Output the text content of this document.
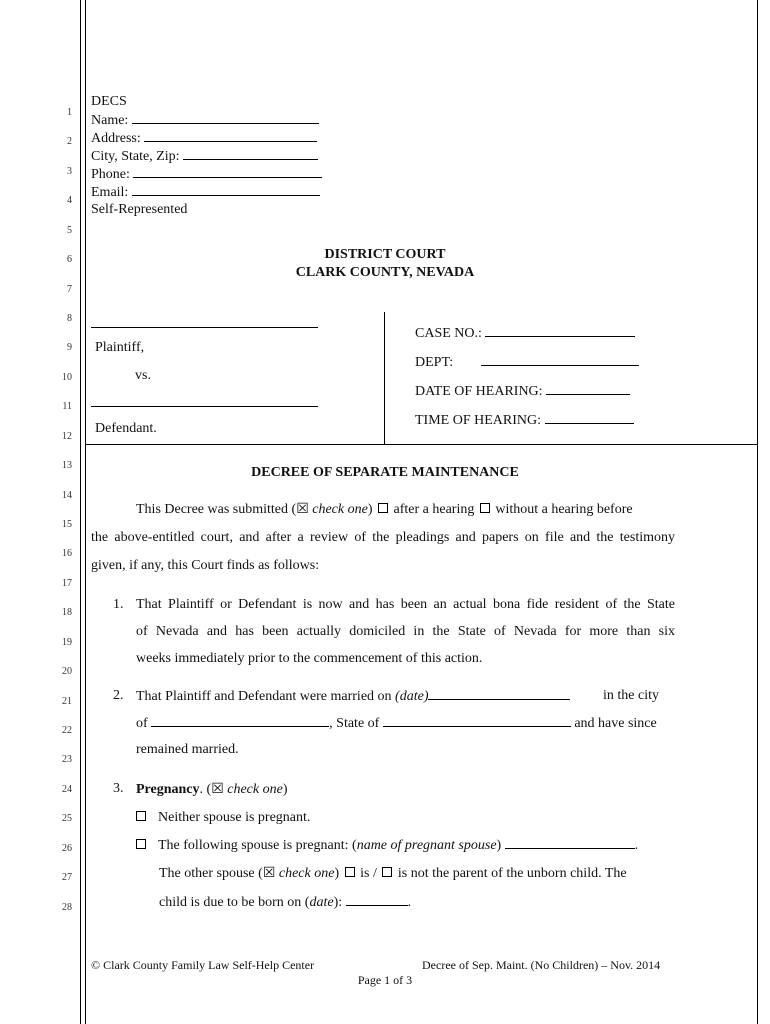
1
2
3
4
5
6
7
8
9
10
11
12
13
14
15
16
17
18
19
20
21
22
23
24
25
26
27
28
DECS
Name:
Address:
City, State, Zip:
Phone:
Email:
Self-Represented
DISTRICT COURT
CLARK COUNTY, NEVADA
Plaintiff,
vs.
Defendant.
CASE NO.:
DEPT:
DATE OF HEARING:
TIME OF HEARING:
DECREE OF SEPARATE MAINTENANCE
This Decree was submitted (☒ check one)  after a hearing  without a hearing before
the above-entitled court, and after a review of the pleadings and papers on file and the testimony
given, if any, this Court finds as follows:
1. That Plaintiff or Defendant is now and has been an actual bona fide resident of the State
of Nevada and has been actually domiciled in the State of Nevada for more than six
weeks immediately prior to the commencement of this action.
2. That Plaintiff and Defendant were married on (date)	in the city
of	, State of	and have since
remained married.
3. Pregnancy. (☒ check one)
Neither spouse is pregnant.
The following spouse is pregnant: (name of pregnant spouse)	.
The other spouse (☒ check one)  is /  is not the parent of the unborn child. The
child is due to be born on (date):	.
© Clark County Family Law Self-Help Center	Decree of Sep. Maint. (No Children) – Nov. 2014
Page 1 of 3
